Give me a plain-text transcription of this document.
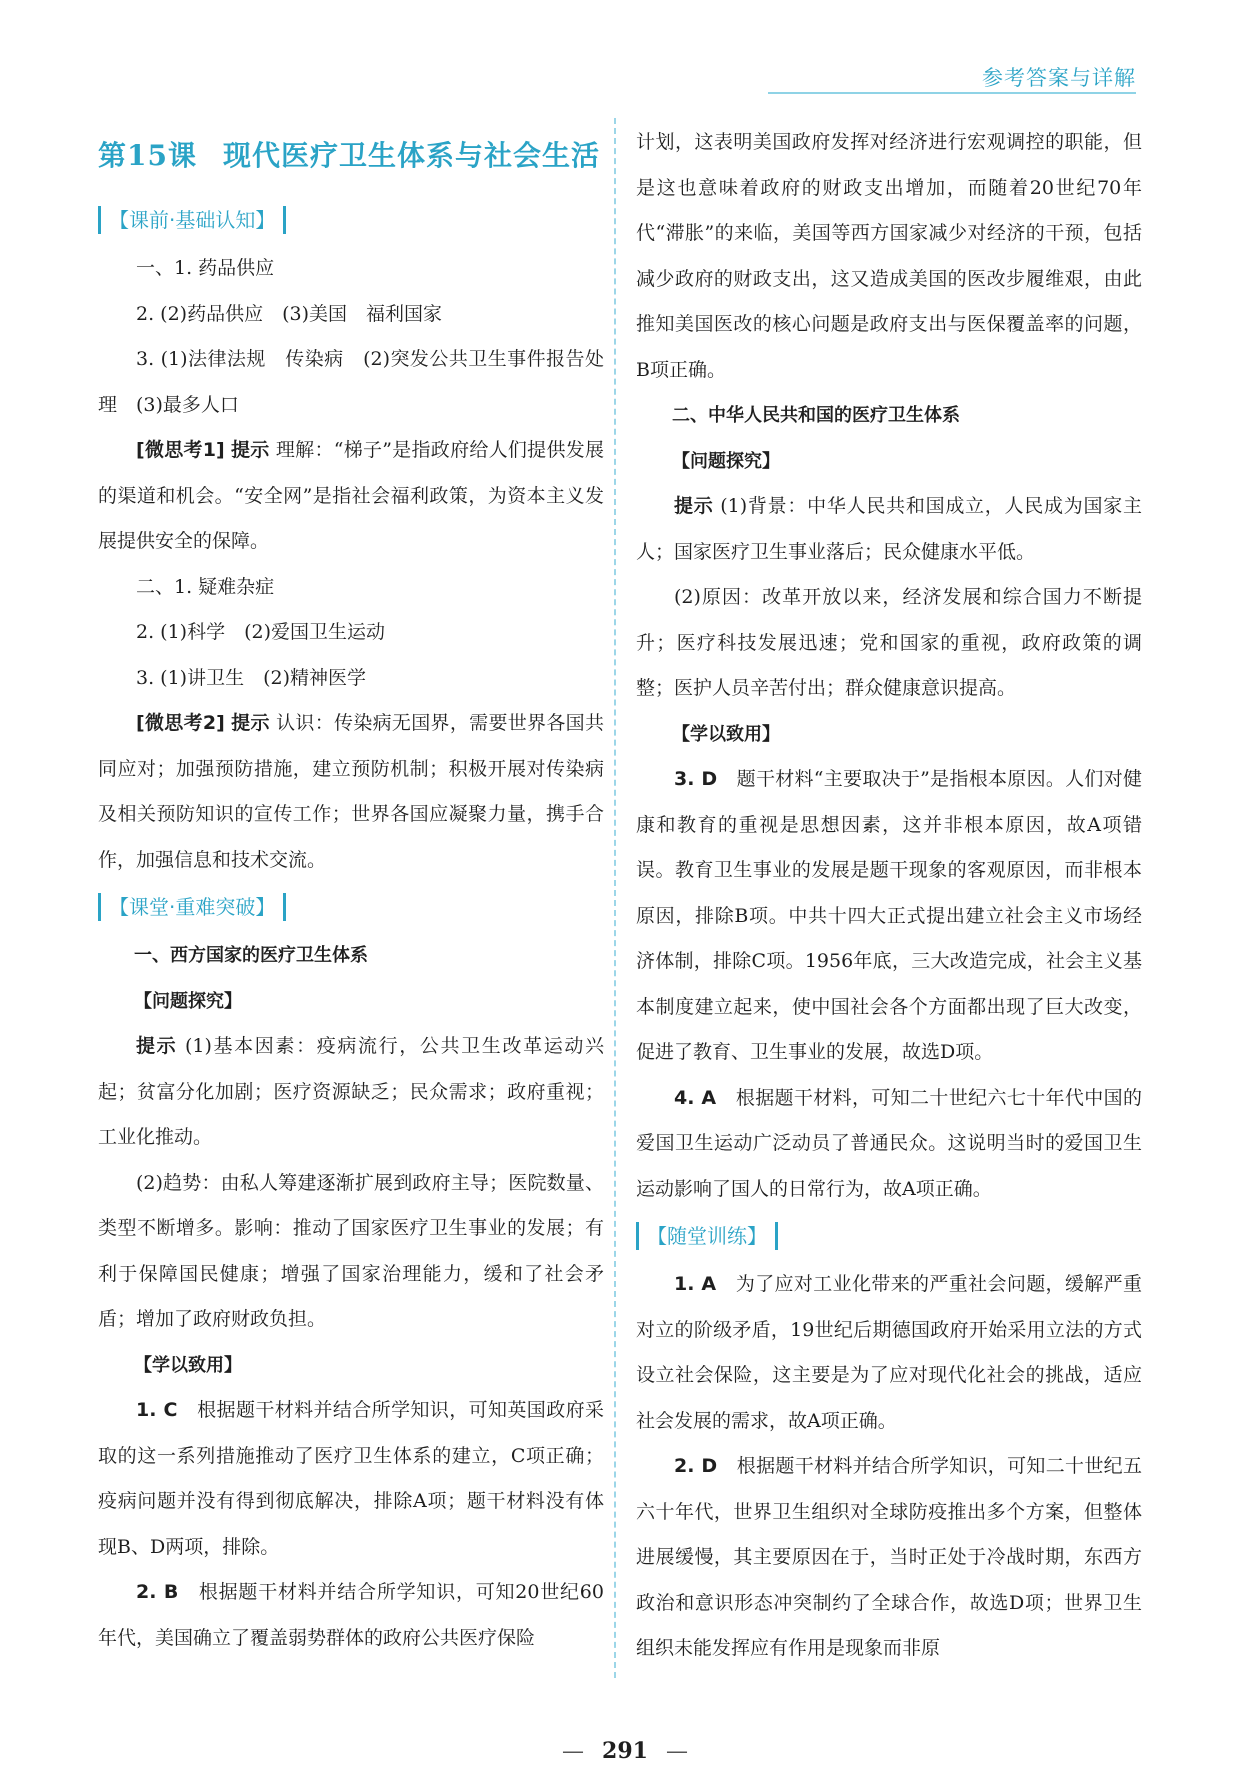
参考答案与详解
第15课 现代医疗卫生体系与社会生活
【课前·基础认知】

一、1. 药品供应

2. (2)药品供应　(3)美国　福利国家

3. (1)法律法规　传染病　(2)突发公共卫生事件报告处理　(3)最多人口

[微思考1] 提示 理解：“梯子”是指政府给人们提供发展的渠道和机会。“安全网”是指社会福利政策，为资本主义发展提供安全的保障。

二、1. 疑难杂症

2. (1)科学　(2)爱国卫生运动

3. (1)讲卫生　(2)精神医学

[微思考2] 提示 认识：传染病无国界，需要世界各国共同应对；加强预防措施，建立预防机制；积极开展对传染病及相关预防知识的宣传工作；世界各国应凝聚力量，携手合作，加强信息和技术交流。

【课堂·重难突破】

一、西方国家的医疗卫生体系

【问题探究】

提示 (1)基本因素：疫病流行，公共卫生改革运动兴起；贫富分化加剧；医疗资源缺乏；民众需求；政府重视；工业化推动。

(2)趋势：由私人筹建逐渐扩展到政府主导；医院数量、类型不断增多。影响：推动了国家医疗卫生事业的发展；有利于保障国民健康；增强了国家治理能力，缓和了社会矛盾；增加了政府财政负担。

【学以致用】

1. C　 根据题干材料并结合所学知识，可知英国政府采取的这一系列措施推动了医疗卫生体系的建立，C项正确；疫病问题并没有得到彻底解决，排除A项；题干材料没有体现B、D两项，排除。

2. B　 根据题干材料并结合所学知识，可知20世纪60年代，美国确立了覆盖弱势群体的政府公共医疗保险

计划，这表明美国政府发挥对经济进行宏观调控的职能，但是这也意味着政府的财政支出增加，而随着20世纪70年代“滞胀”的来临，美国等西方国家减少对经济的干预，包括减少政府的财政支出，这又造成美国的医改步履维艰，由此推知美国医改的核心问题是政府支出与医保覆盖率的问题，B项正确。

二、中华人民共和国的医疗卫生体系

【问题探究】

提示 (1)背景：中华人民共和国成立，人民成为国家主人；国家医疗卫生事业落后；民众健康水平低。

(2)原因：改革开放以来，经济发展和综合国力不断提升；医疗科技发展迅速；党和国家的重视，政府政策的调整；医护人员辛苦付出；群众健康意识提高。

【学以致用】

3. D　 题干材料“主要取决于”是指根本原因。人们对健康和教育的重视是思想因素，这并非根本原因，故A项错误。教育卫生事业的发展是题干现象的客观原因，而非根本原因，排除B项。中共十四大正式提出建立社会主义市场经济体制，排除C项。1956年底，三大改造完成，社会主义基本制度建立起来，使中国社会各个方面都出现了巨大改变，促进了教育、卫生事业的发展，故选D项。

4. A　 根据题干材料，可知二十世纪六七十年代中国的爱国卫生运动广泛动员了普通民众。这说明当时的爱国卫生运动影响了国人的日常行为，故A项正确。

【随堂训练】

1. A　 为了应对工业化带来的严重社会问题，缓解严重对立的阶级矛盾，19世纪后期德国政府开始采用立法的方式设立社会保险，这主要是为了应对现代化社会的挑战，适应社会发展的需求，故A项正确。

2. D　 根据题干材料并结合所学知识，可知二十世纪五六十年代，世界卫生组织对全球防疫推出多个方案，但整体进展缓慢，其主要原因在于，当时正处于冷战时期，东西方政治和意识形态冲突制约了全球合作，故选D项；世界卫生组织未能发挥应有作用是现象而非原

— 291 —
